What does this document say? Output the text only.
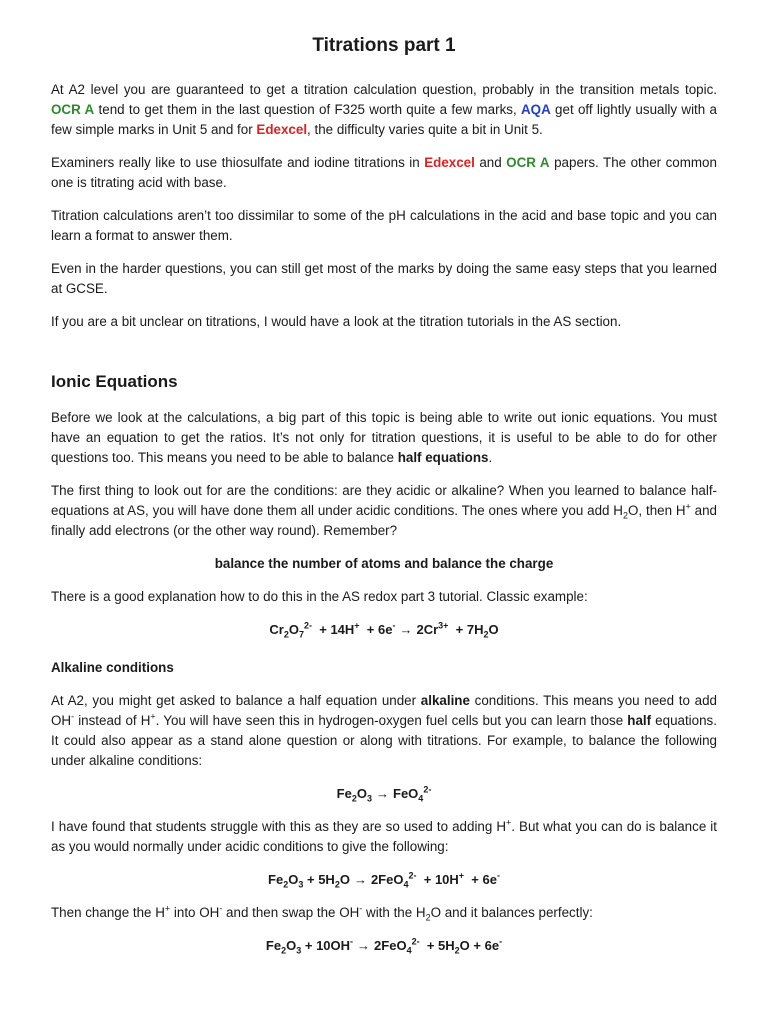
Titrations part 1

At A2 level you are guaranteed to get a titration calculation question, probably in the transition metals topic. OCR A tend to get them in the last question of F325 worth quite a few marks, AQA get off lightly usually with a few simple marks in Unit 5 and for Edexcel, the difficulty varies quite a bit in Unit 5.

Examiners really like to use thiosulfate and iodine titrations in Edexcel and OCR A papers. The other common one is titrating acid with base.

Titration calculations aren’t too dissimilar to some of the pH calculations in the acid and base topic and you can learn a format to answer them.

Even in the harder questions, you can still get most of the marks by doing the same easy steps that you learned at GCSE.

If you are a bit unclear on titrations, I would have a look at the titration tutorials in the AS section.

Ionic Equations

Before we look at the calculations, a big part of this topic is being able to write out ionic equations. You must have an equation to get the ratios. It’s not only for titration questions, it is useful to be able to do for other questions too. This means you need to be able to balance half equations.

The first thing to look out for are the conditions: are they acidic or alkaline? When you learned to balance half-equations at AS, you will have done them all under acidic conditions. The ones where you add $H_2O$, then H+ and finally add electrons (or the other way round). Remember?

balance the number of atoms and balance the charge

There is a good explanation how to do this in the AS redox part 3 tutorial. Classic example:

$Cr_2O_7^{2-} + 14H^+ + 6e^- \to 2Cr^{3+} + 7H_2O$
Alkaline conditions

At A2, you might get asked to balance a half equation under alkaline conditions. This means you need to add OH- instead of H+. You will have seen this in hydrogen-oxygen fuel cells but you can learn those half equations. It could also appear as a stand alone question or along with titrations. For example, to balance the following under alkaline conditions:

$Fe_2O_3 \to FeO_4^{2-}$

I have found that students struggle with this as they are so used to adding H+. But what you can do is balance it as you would normally under acidic conditions to give the following:

$Fe_2O_3 + 5H_2O \to 2FeO_4^{2-} + 10H^+ + 6e^-$

Then change the H+ into OH- and then swap the OH- with the $H_2O$ and it balances perfectly:

$Fe_2O_3 + 10OH^- \to 2FeO_4^{2-} + 5H_2O + 6e^-$
